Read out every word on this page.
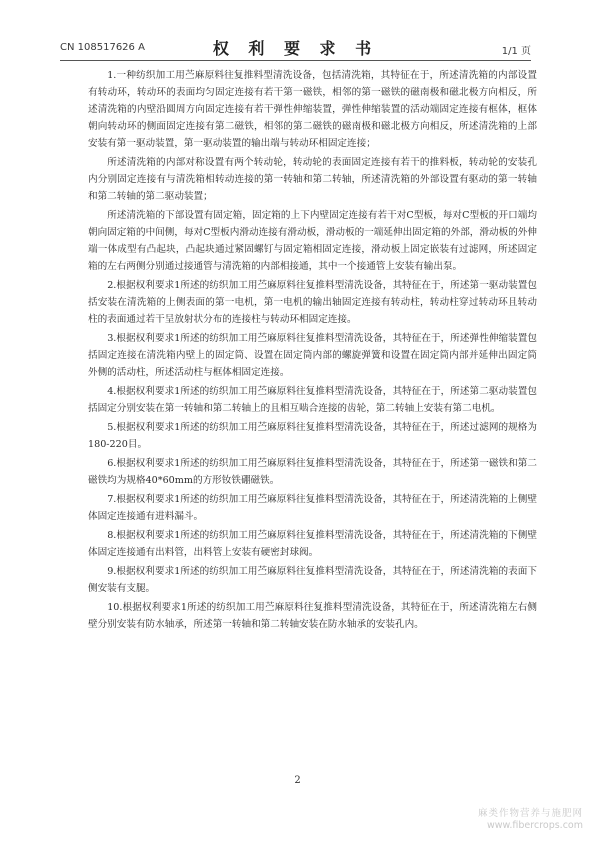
CN 108517626 A	权 利 要 求 书	1/1 页

1.一种纺织加工用苎麻原料往复推料型清洗设备，包括清洗箱，其特征在于，所述清洗箱的内部设置有转动环，转动环的表面均匀固定连接有若干第一磁铁，相邻的第一磁铁的磁南极和磁北极方向相反，所述清洗箱的内壁沿圆周方向固定连接有若干弹性伸缩装置，弹性伸缩装置的活动端固定连接有框体，框体朝向转动环的侧面固定连接有第二磁铁，相邻的第二磁铁的磁南极和磁北极方向相反，所述清洗箱的上部安装有第一驱动装置，第一驱动装置的输出端与转动环相固定连接；

所述清洗箱的内部对称设置有两个转动轮，转动轮的表面固定连接有若干的推料板，转动轮的安装孔内分别固定连接有与清洗箱相转动连接的第一转轴和第二转轴，所述清洗箱的外部设置有驱动的第一转轴和第二转轴的第二驱动装置；

所述清洗箱的下部设置有固定箱，固定箱的上下内壁固定连接有若干对C型板，每对C型板的开口端均朝向固定箱的中间侧，每对C型板内滑动连接有滑动板，滑动板的一端延伸出固定箱的外部，滑动板的外伸端一体成型有凸起块，凸起块通过紧固螺钉与固定箱相固定连接，滑动板上固定嵌装有过滤网，所述固定箱的左右两侧分别通过接通管与清洗箱的内部相接通，其中一个接通管上安装有输出泵。

2.根据权利要求1所述的纺织加工用苎麻原料往复推料型清洗设备，其特征在于，所述第一驱动装置包括安装在清洗箱的上侧表面的第一电机，第一电机的输出轴固定连接有转动柱，转动柱穿过转动环且转动柱的表面通过若干呈放射状分布的连接柱与转动环相固定连接。

3.根据权利要求1所述的纺织加工用苎麻原料往复推料型清洗设备，其特征在于，所述弹性伸缩装置包括固定连接在清洗箱内壁上的固定筒、设置在固定筒内部的螺旋弹簧和设置在固定筒内部并延伸出固定筒外侧的活动柱，所述活动柱与框体相固定连接。

4.根据权利要求1所述的纺织加工用苎麻原料往复推料型清洗设备，其特征在于，所述第二驱动装置包括固定分别安装在第一转轴和第二转轴上的且相互啮合连接的齿轮，第二转轴上安装有第二电机。

5.根据权利要求1所述的纺织加工用苎麻原料往复推料型清洗设备，其特征在于，所述过滤网的规格为180-220目。

6.根据权利要求1所述的纺织加工用苎麻原料往复推料型清洗设备，其特征在于，所述第一磁铁和第二磁铁均为规格40*60mm的方形钕铁硼磁铁。

7.根据权利要求1所述的纺织加工用苎麻原料往复推料型清洗设备，其特征在于，所述清洗箱的上侧壁体固定连接通有进料漏斗。

8.根据权利要求1所述的纺织加工用苎麻原料往复推料型清洗设备，其特征在于，所述清洗箱的下侧壁体固定连接通有出料管，出料管上安装有硬密封球阀。

9.根据权利要求1所述的纺织加工用苎麻原料往复推料型清洗设备，其特征在于，所述清洗箱的表面下侧安装有支腿。

10.根据权利要求1所述的纺织加工用苎麻原料往复推料型清洗设备，其特征在于，所述清洗箱左右侧壁分别安装有防水轴承，所述第一转轴和第二转轴安装在防水轴承的安装孔内。

2
麻类作物营养与施肥网
www.fibercrops.com
